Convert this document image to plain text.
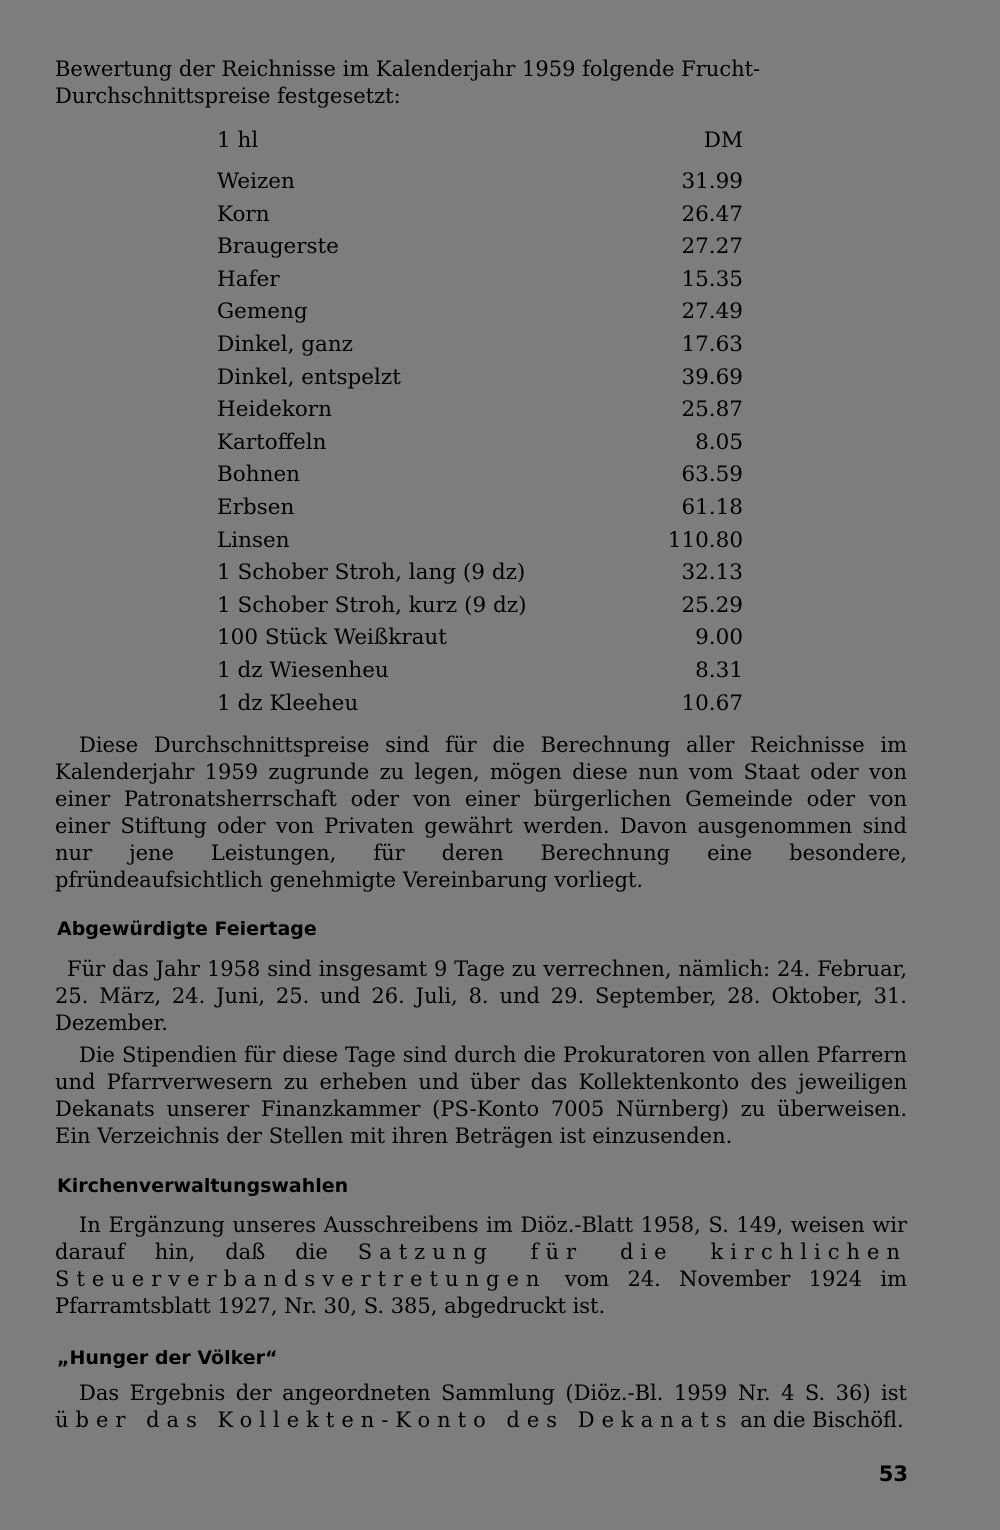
Bewertung der Reichnisse im Kalenderjahr 1959 folgende Frucht-Durchschnittspreise festgesetzt:

1 hl	DM
Weizen	31.99
Korn	26.47
Braugerste	27.27
Hafer	15.35
Gemeng	27.49
Dinkel, ganz	17.63
Dinkel, entspelzt	39.69
Heidekorn	25.87
Kartoffeln	8.05
Bohnen	63.59
Erbsen	61.18
Linsen	110.80
1 Schober Stroh, lang (9 dz)	32.13
1 Schober Stroh, kurz (9 dz)	25.29
100 Stück Weißkraut	9.00
1 dz Wiesenheu	8.31
1 dz Kleeheu	10.67

Diese Durchschnittspreise sind für die Berechnung aller Reichnisse im Kalenderjahr 1959 zugrunde zu legen, mögen diese nun vom Staat oder von einer Patronatsherrschaft oder von einer bürgerlichen Gemeinde oder von einer Stiftung oder von Privaten gewährt werden. Davon ausgenommen sind nur jene Leistungen, für deren Berechnung eine besondere, pfründeaufsichtlich genehmigte Vereinbarung vorliegt.

Abgewürdigte Feiertage

Für das Jahr 1958 sind insgesamt 9 Tage zu verrechnen, nämlich: 24. Februar, 25. März, 24. Juni, 25. und 26. Juli, 8. und 29. September, 28. Oktober, 31. Dezember.

Die Stipendien für diese Tage sind durch die Prokuratoren von allen Pfarrern und Pfarrverwesern zu erheben und über das Kollektenkonto des jeweiligen Dekanats unserer Finanzkammer (PS-Konto 7005 Nürnberg) zu überweisen. Ein Verzeichnis der Stellen mit ihren Beträgen ist einzusenden.

Kirchenverwaltungswahlen

In Ergänzung unseres Ausschreibens im Diöz.-Blatt 1958, S. 149, weisen wir darauf hin, daß die Satzung für die kirchlichen Steuerverbandsvertretungen vom 24. November 1924 im Pfarramtsblatt 1927, Nr. 30, S. 385, abgedruckt ist.

„Hunger der Völker“

Das Ergebnis der angeordneten Sammlung (Diöz.-Bl. 1959 Nr. 4 S. 36) ist über das Kollekten-Konto des Dekanats an die Bischöfl.

53
